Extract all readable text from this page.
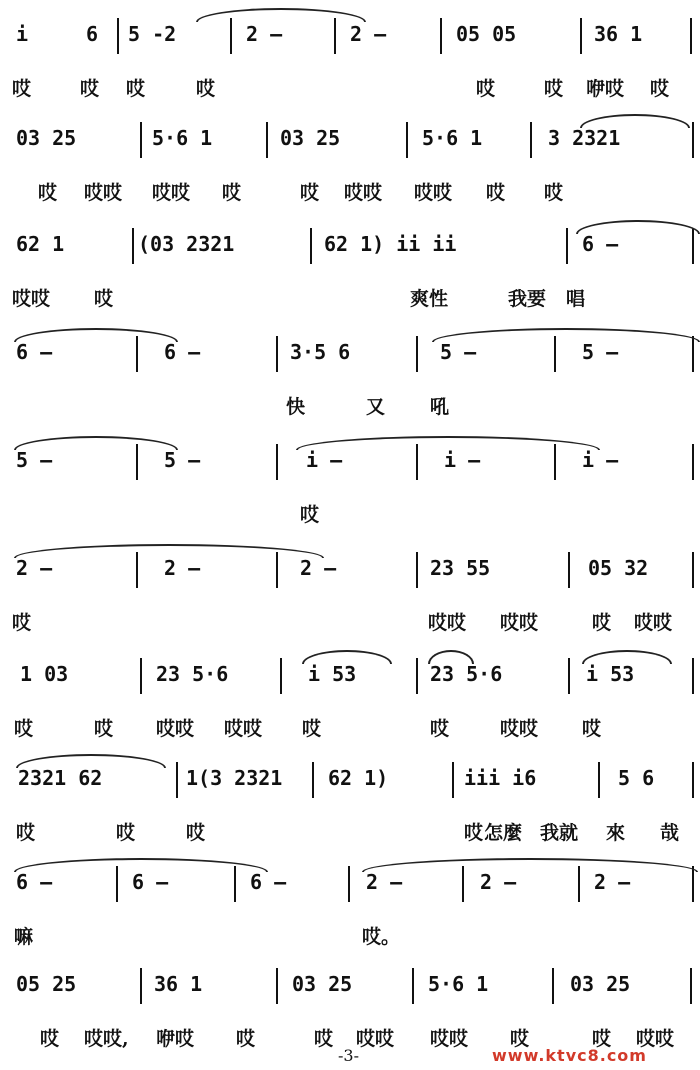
i	6 5 -2	2 —	2 —	05 05	36 1
哎	哎 哎	哎	哎	哎 咿哎 哎
03 25	5·6 1	03 25	5·6 1	3 2321
哎 哎哎 哎哎 哎	哎 哎哎 哎哎 哎 哎
62 1	(03 2321	62 1) ii ii	6 —
哎哎 哎	爽性	我要 唱
6 —	6 —	3·5 6	5 —	5 —
快	又 吼
5 —	5 —	i —	i —	i —
哎
2 —	2 —	2 —	23 55	05 32
哎	哎哎 哎哎	哎 哎哎
1 03	23 5·6	i 53	23 5·6	i 53
哎	哎 哎哎 哎哎 哎	哎	哎哎 哎
2321 62	1(3 2321 62 1)	iii i6	5 6
哎	哎	哎	哎 怎麼 我就 來 哉
6 —	6 —	6 —	2 —	2 —	2 —
嘛	哎。
05 25	36 1	03 25	5·6 1	03 25
哎 哎哎, 咿哎 哎	哎 哎哎 哎哎 哎	哎 哎哎
-3-	www.ktvc8.com
